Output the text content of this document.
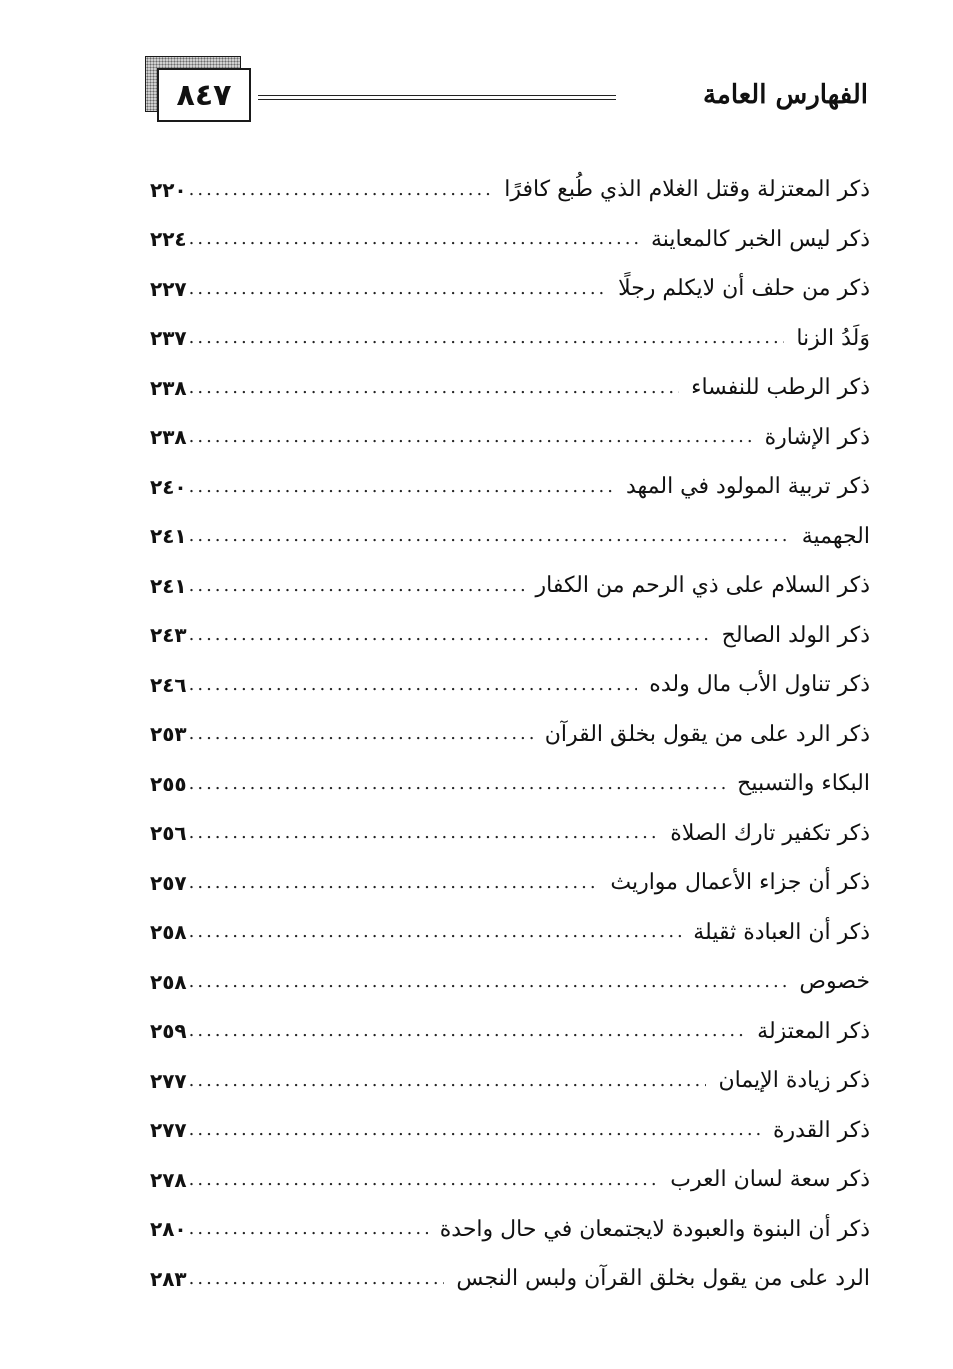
٨٤٧	الفهارس العامة
ذكر المعتزلة وقتل الغلام الذي طُبع كافرًا
.....
٢٢٠
ذكر ليس الخبر كالمعاينة
.....
٢٢٤
ذكر من حلف أن لايكلم رجلًا
.....
٢٢٧
وَلَدُ الزنا
.....
٢٣٧
ذكر الرطب للنفساء
.....
٢٣٨
ذكر الإشارة
.....
٢٣٨
ذكر تربية المولود في المهد
.....
٢٤٠
الجهمية
.....
٢٤١
ذكر السلام على ذي الرحم من الكفار
.....
٢٤١
ذكر الولد الصالح
.....
٢٤٣
ذكر تناول الأب مال ولده
.....
٢٤٦
ذكر الرد على من يقول بخلق القرآن
.....
٢٥٣
البكاء والتسبيح
.....
٢٥٥
ذكر تكفير تارك الصلاة
.....
٢٥٦
ذكر أن جزاء الأعمال مواريث
.....
٢٥٧
ذكر أن العبادة ثقيلة
.....
٢٥٨
خصوص
.....
٢٥٨
ذكر المعتزلة
.....
٢٥٩
ذكر زيادة الإيمان
.....
٢٧٧
ذكر القدرة
.....
٢٧٧
ذكر سعة لسان العرب
.....
٢٧٨
ذكر أن البنوة والعبودة لايجتمعان في حال واحدة
.....
٢٨٠
الرد على من يقول بخلق القرآن ولبس النجس
.....
٢٨٣
